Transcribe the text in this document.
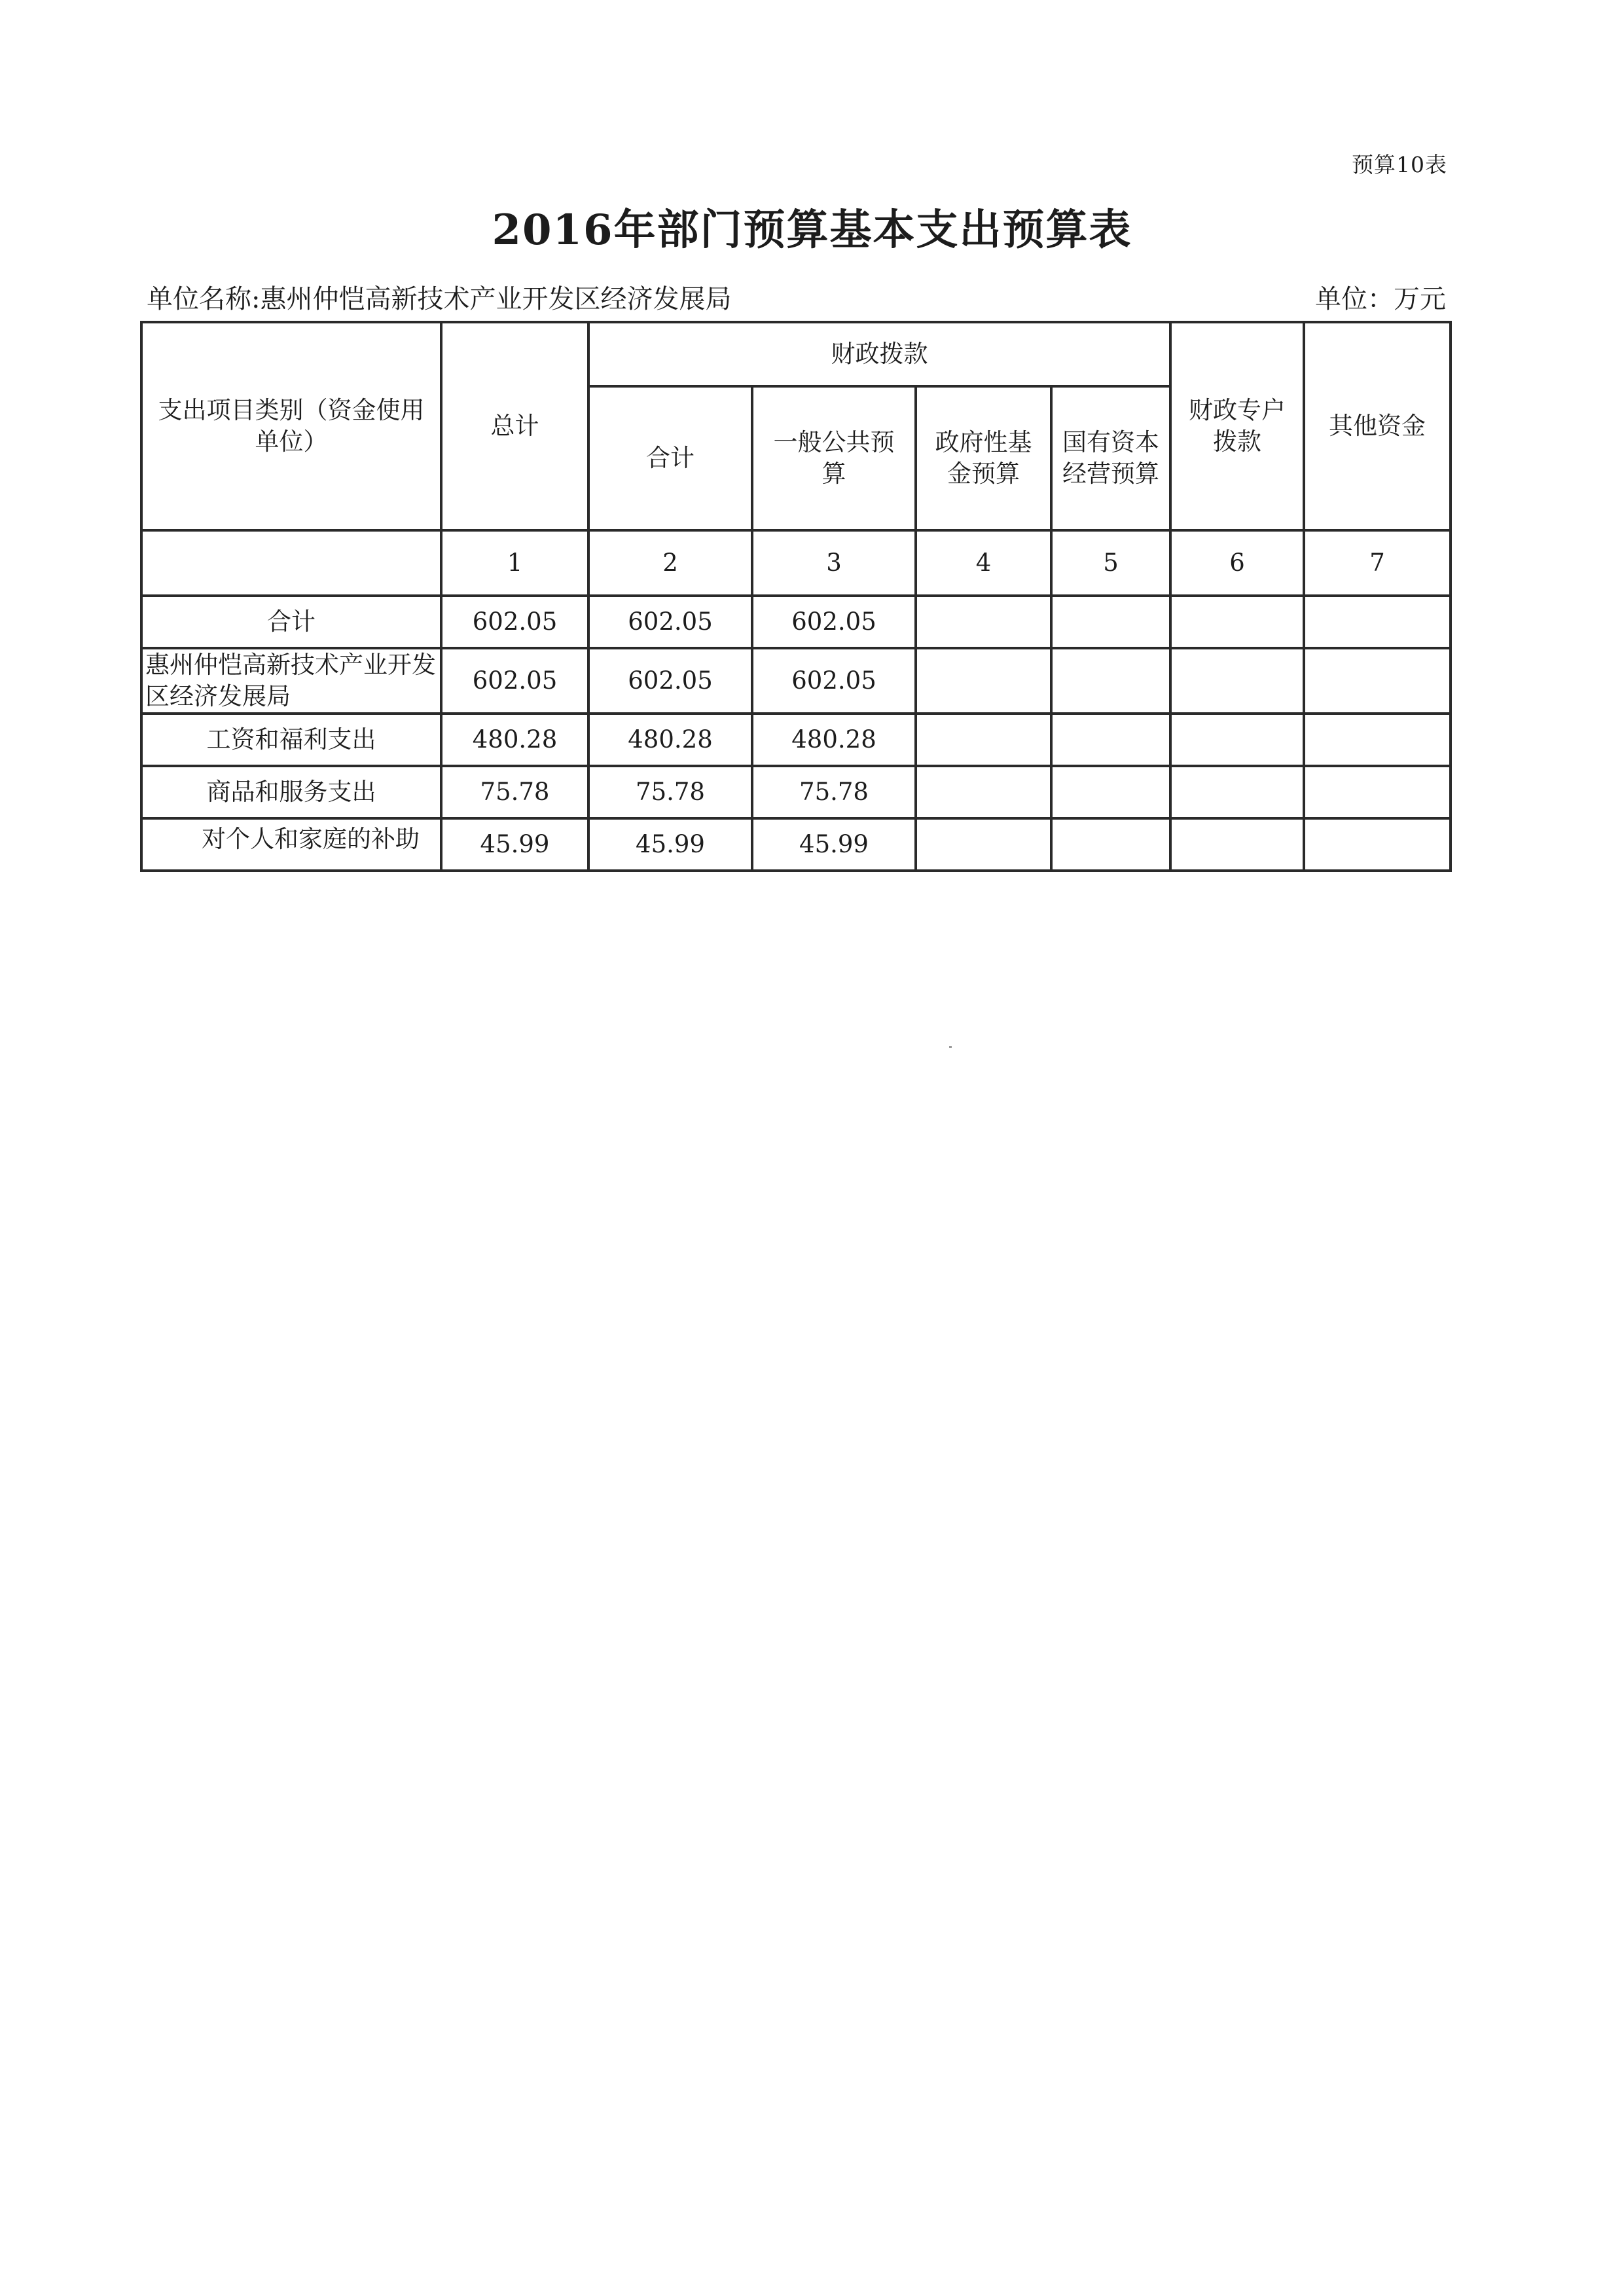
预算10表
2016年部门预算基本支出预算表
单位名称:惠州仲恺高新技术产业开发区经济发展局	单位：万元
支出项目类别（资金使用单位）	总计	财政拨款				财政专户拨款	其他资金
		合计	一般公共预算	政府性基金预算	国有资本经营预算		
	1	2	3	4	5	6	7
合计	602.05	602.05	602.05				
惠州仲恺高新技术产业开发区经济发展局	602.05	602.05	602.05				
工资和福利支出	480.28	480.28	480.28				
商品和服务支出	75.78	75.78	75.78				

对个人和家庭的补助	45.99	45.99	45.99				
